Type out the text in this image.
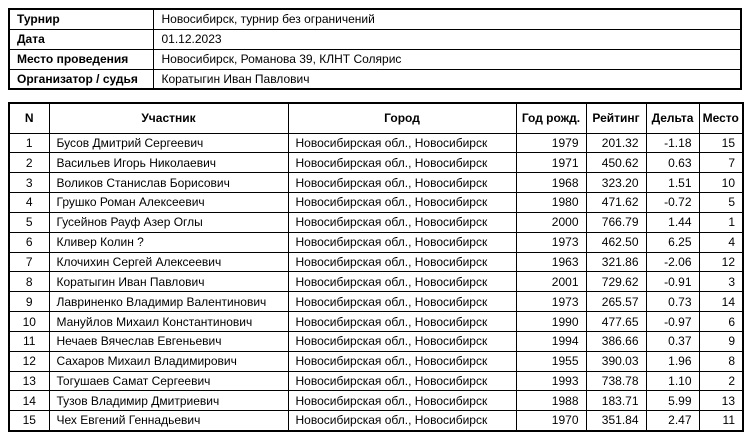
Турнир	Новосибирск, турнир без ограничений
Дата	01.12.2023
Место проведения	Новосибирск, Романова 39, КЛНТ Солярис
Организатор / судья	Коратыгин Иван Павлович
N	Участник	Город	Год рожд.	Рейтинг	Дельта	Место
1	Бусов Дмитрий Сергеевич	Новосибирская обл., Новосибирск	1979	201.32	-1.18	15
2	Васильев Игорь Николаевич	Новосибирская обл., Новосибирск	1971	450.62	0.63	7
3	Воликов Станислав Борисович	Новосибирская обл., Новосибирск	1968	323.20	1.51	10
4	Грушко Роман Алексеевич	Новосибирская обл., Новосибирск	1980	471.62	-0.72	5
5	Гусейнов Рауф Азер Оглы	Новосибирская обл., Новосибирск	2000	766.79	1.44	1
6	Кливер Колин ?	Новосибирская обл., Новосибирск	1973	462.50	6.25	4
7	Клочихин Сергей Алексеевич	Новосибирская обл., Новосибирск	1963	321.86	-2.06	12
8	Коратыгин Иван Павлович	Новосибирская обл., Новосибирск	2001	729.62	-0.91	3
9	Лавриненко Владимир Валентинович	Новосибирская обл., Новосибирск	1973	265.57	0.73	14
10	Мануйлов Михаил Константинович	Новосибирская обл., Новосибирск	1990	477.65	-0.97	6
11	Нечаев Вячеслав Евгеньевич	Новосибирская обл., Новосибирск	1994	386.66	0.37	9
12	Сахаров Михаил Владимирович	Новосибирская обл., Новосибирск	1955	390.03	1.96	8
13	Тогушаев Самат Сергеевич	Новосибирская обл., Новосибирск	1993	738.78	1.10	2
14	Тузов Владимир Дмитриевич	Новосибирская обл., Новосибирск	1988	183.71	5.99	13
15	Чех Евгений Геннадьевич	Новосибирская обл., Новосибирск	1970	351.84	2.47	11
